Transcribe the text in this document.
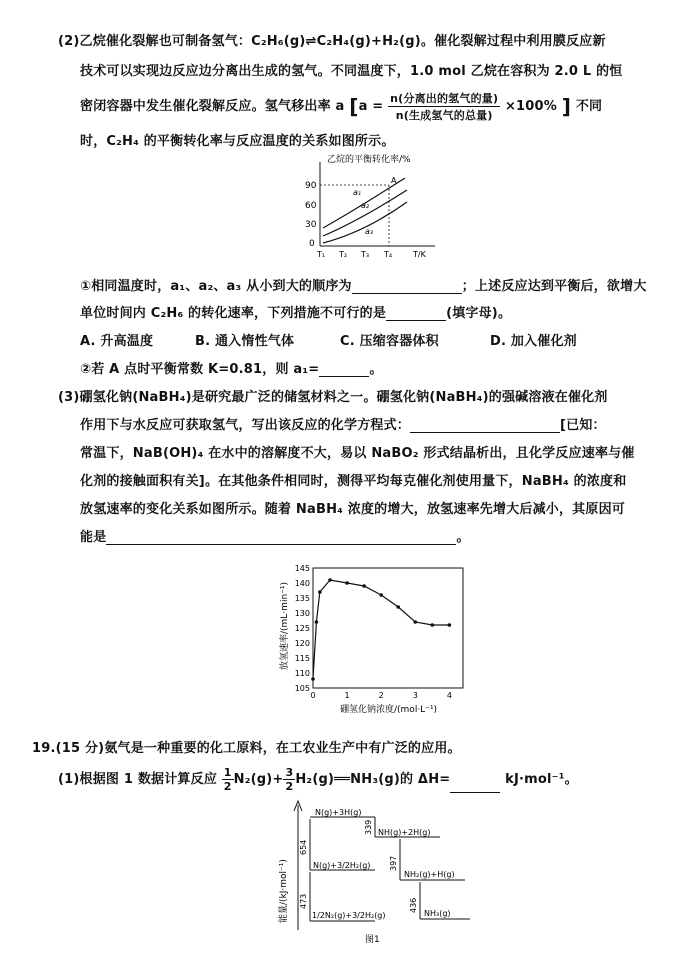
(2)乙烷催化裂解也可制备氢气：C₂H₆(g)⇌C₂H₄(g)+H₂(g)。催化裂解过程中利用膜反应新
技术可以实现边反应边分离出生成的氢气。不同温度下，1.0 mol 乙烷在容积为 2.0 L 的恒
密闭容器中发生催化裂解反应。氢气移出率 a [$a = \frac{\text{n(分离出的氢气的量)}}{\text{n(生成氢气的总量)}} \times 100\%$ ] 不同
时，C₂H₄ 的平衡转化率与反应温度的关系如图所示。
乙烷的平衡转化率/%
90
60
30
0
a₁
a₂
a₃
A
T₁ T₂ T₃ T₄	T/K
①相同温度时，a₁、a₂、a₃ 从小到大的顺序为	；上述反应达到平衡后，欲增大
单位时间内 C₂H₆ 的转化速率，下列措施不可行的是	(填字母)。
A. 升高温度	B. 通入惰性气体	C. 压缩容器体积	D. 加入催化剂
②若 A 点时平衡常数 K=0.81，则 a₁=	。
(3)硼氢化钠(NaBH₄)是研究最广泛的储氢材料之一。硼氢化钠(NaBH₄)的强碱溶液在催化剂
作用下与水反应可获取氢气，写出该反应的化学方程式：	[已知：
常温下，NaB(OH)₄ 在水中的溶解度不大，易以 NaBO₂ 形式结晶析出，且化学反应速率与催
化剂的接触面积有关]。在其他条件相同时，测得平均每克催化剂使用量下，NaBH₄ 的浓度和
放氢速率的变化关系如图所示。随着 NaBH₄ 浓度的增大，放氢速率先增大后减小，其原因可
能是	。
145
140
135
130
125
120
115
110
105
0	1	2	3	4
硼氢化钠浓度/(mol·L⁻¹)
放氢速率/(mL·min⁻¹)
19.(15 分)氨气是一种重要的化工原料，在工农业生产中有广泛的应用。
(1)根据图 1 数据计算反应 $\frac{1}{2} N_2(g)+ \frac{3}{2}$ H₂(g)══NH₃(g)的 ΔH=	kJ·mol⁻¹。
能量/(kJ·mol⁻¹)
N(g)+3H(g)
NH(g)+2H(g)
N(g)+3/2H₂(g)
NH₂(g)+H(g)
1/2N₂(g)+3/2H₂(g)	NH₃(g)
654
339
397
473	436
图1
